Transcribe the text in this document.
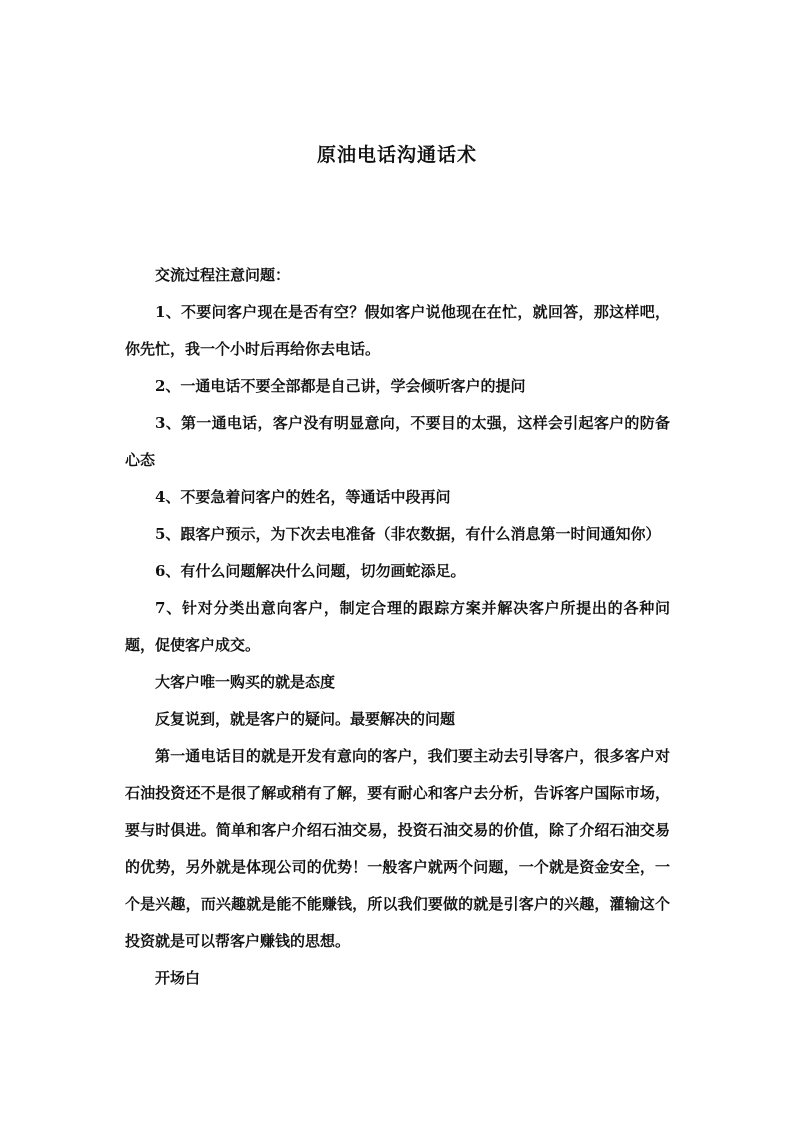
原油电话沟通话术

交流过程注意问题：

1、不要问客户现在是否有空？假如客户说他现在在忙，就回答，那这样吧，你先忙，我一个小时后再给你去电话。

2、一通电话不要全部都是自己讲，学会倾听客户的提问

3、第一通电话，客户没有明显意向，不要目的太强，这样会引起客户的防备心态

4、不要急着问客户的姓名，等通话中段再问

5、跟客户预示，为下次去电准备（非农数据，有什么消息第一时间通知你）

6、有什么问题解决什么问题，切勿画蛇添足。

7、针对分类出意向客户，制定合理的跟踪方案并解决客户所提出的各种问题，促使客户成交。

大客户唯一购买的就是态度

反复说到，就是客户的疑问。最要解决的问题

第一通电话目的就是开发有意向的客户，我们要主动去引导客户，很多客户对石油投资还不是很了解或稍有了解，要有耐心和客户去分析，告诉客户国际市场，要与时俱进。简单和客户介绍石油交易，投资石油交易的价值，除了介绍石油交易的优势，另外就是体现公司的优势！一般客户就两个问题，一个就是资金安全，一个是兴趣，而兴趣就是能不能赚钱，所以我们要做的就是引客户的兴趣，灌输这个投资就是可以帮客户赚钱的思想。

开场白
